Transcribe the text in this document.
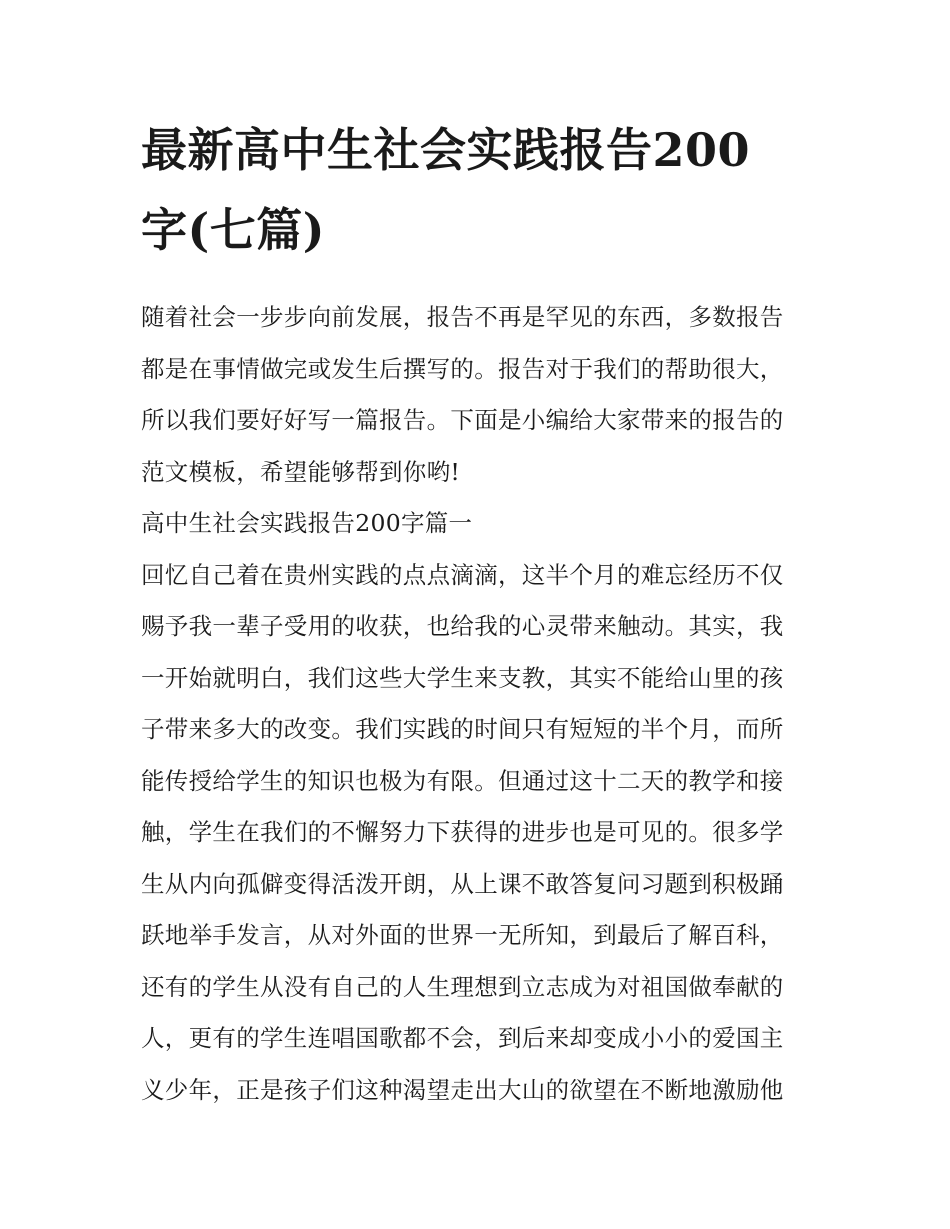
最新高中生社会实践报告200
字(七篇)
随着社会一步步向前发展，报告不再是罕见的东西，多数报告
都是在事情做完或发生后撰写的。报告对于我们的帮助很大，
所以我们要好好写一篇报告。下面是小编给大家带来的报告的
范文模板，希望能够帮到你哟!
高中生社会实践报告200字篇一
回忆自己着在贵州实践的点点滴滴，这半个月的难忘经历不仅
赐予我一辈子受用的收获，也给我的心灵带来触动。其实，我
一开始就明白，我们这些大学生来支教，其实不能给山里的孩
子带来多大的改变。我们实践的时间只有短短的半个月，而所
能传授给学生的知识也极为有限。但通过这十二天的教学和接
触，学生在我们的不懈努力下获得的进步也是可见的。很多学
生从内向孤僻变得活泼开朗，从上课不敢答复问习题到积极踊
跃地举手发言，从对外面的世界一无所知，到最后了解百科，
还有的学生从没有自己的人生理想到立志成为对祖国做奉献的
人，更有的学生连唱国歌都不会，到后来却变成小小的爱国主
义少年，正是孩子们这种渴望走出大山的欲望在不断地激励他
